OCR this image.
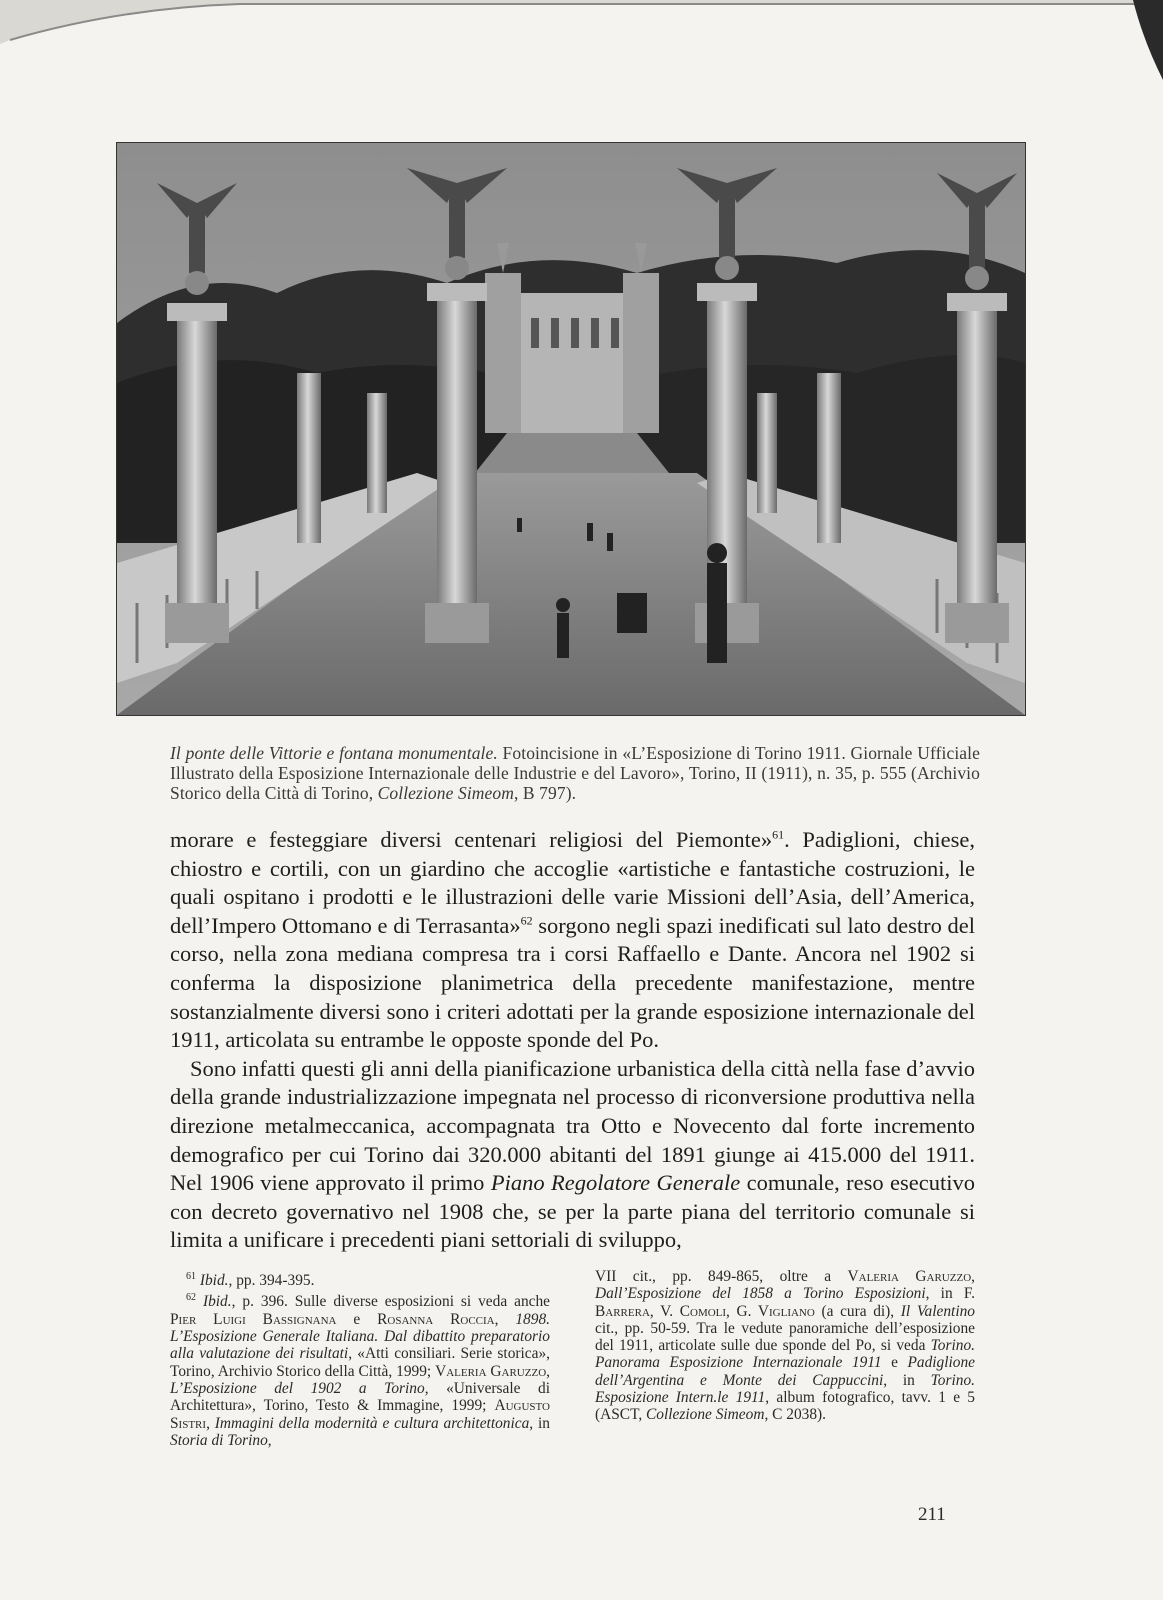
Il ponte delle Vittorie e fontana monumentale. Fotoincisione in «L’Esposizione di Torino 1911. Giornale Ufficiale Illustrato della Esposizione Internazionale delle Industrie e del Lavoro», Torino, II (1911), n. 35, p. 555 (Archivio Storico della Città di Torino, Collezione Simeom, B 797).

morare e festeggiare diversi centenari religiosi del Piemonte»$^{61}$. Padiglioni, chiese, chiostro e cortili, con un giardino che accoglie «artistiche e fantastiche costruzioni, le quali ospitano i prodotti e le illustrazioni delle varie Missioni dell’Asia, dell’America, dell’Impero Ottomano e di Terrasanta»$^{62}$ sorgono negli spazi inedificati sul lato destro del corso, nella zona mediana compresa tra i corsi Raffaello e Dante. Ancora nel 1902 si conferma la disposizione planimetrica della precedente manifestazione, mentre sostanzialmente diversi sono i criteri adottati per la grande esposizione internazionale del 1911, articolata su entrambe le opposte sponde del Po.

Sono infatti questi gli anni della pianificazione urbanistica della città nella fase d’avvio della grande industrializzazione impegnata nel processo di riconversione produttiva nella direzione metalmeccanica, accompagnata tra Otto e Novecento dal forte incremento demografico per cui Torino dai 320.000 abitanti del 1891 giunge ai 415.000 del 1911. Nel 1906 viene approvato il primo Piano Regolatore Generale comunale, reso esecutivo con decreto governativo nel 1908 che, se per la parte piana del territorio comunale si limita a unificare i precedenti piani settoriali di sviluppo,

$^{61}$ Ibid., pp. 394-395.

$^{62}$ Ibid., p. 396. Sulle diverse esposizioni si veda anche Pier Luigi Bassignana e Rosanna Roccia, 1898. L’Esposizione Generale Italiana. Dal dibattito preparatorio alla valutazione dei risultati, «Atti consiliari. Serie storica», Torino, Archivio Storico della Città, 1999; Valeria Garuzzo, L’Esposizione del 1902 a Torino, «Universale di Architettura», Torino, Testo & Immagine, 1999; Augusto Sistri, Immagini della modernità e cultura architettonica, in Storia di Torino,

VII cit., pp. 849-865, oltre a Valeria Garuzzo, Dall’Esposizione del 1858 a Torino Esposizioni, in F. Barrera, V. Comoli, G. Vigliano (a cura di), Il Valentino cit., pp. 50-59. Tra le vedute panoramiche dell’esposizione del 1911, articolate sulle due sponde del Po, si veda Torino. Panorama Esposizione Internazionale 1911 e Padiglione dell’Argentina e Monte dei Cappuccini, in Torino. Esposizione Intern.le 1911, album fotografico, tavv. 1 e 5 (ASCT, Collezione Simeom, C 2038).

211
